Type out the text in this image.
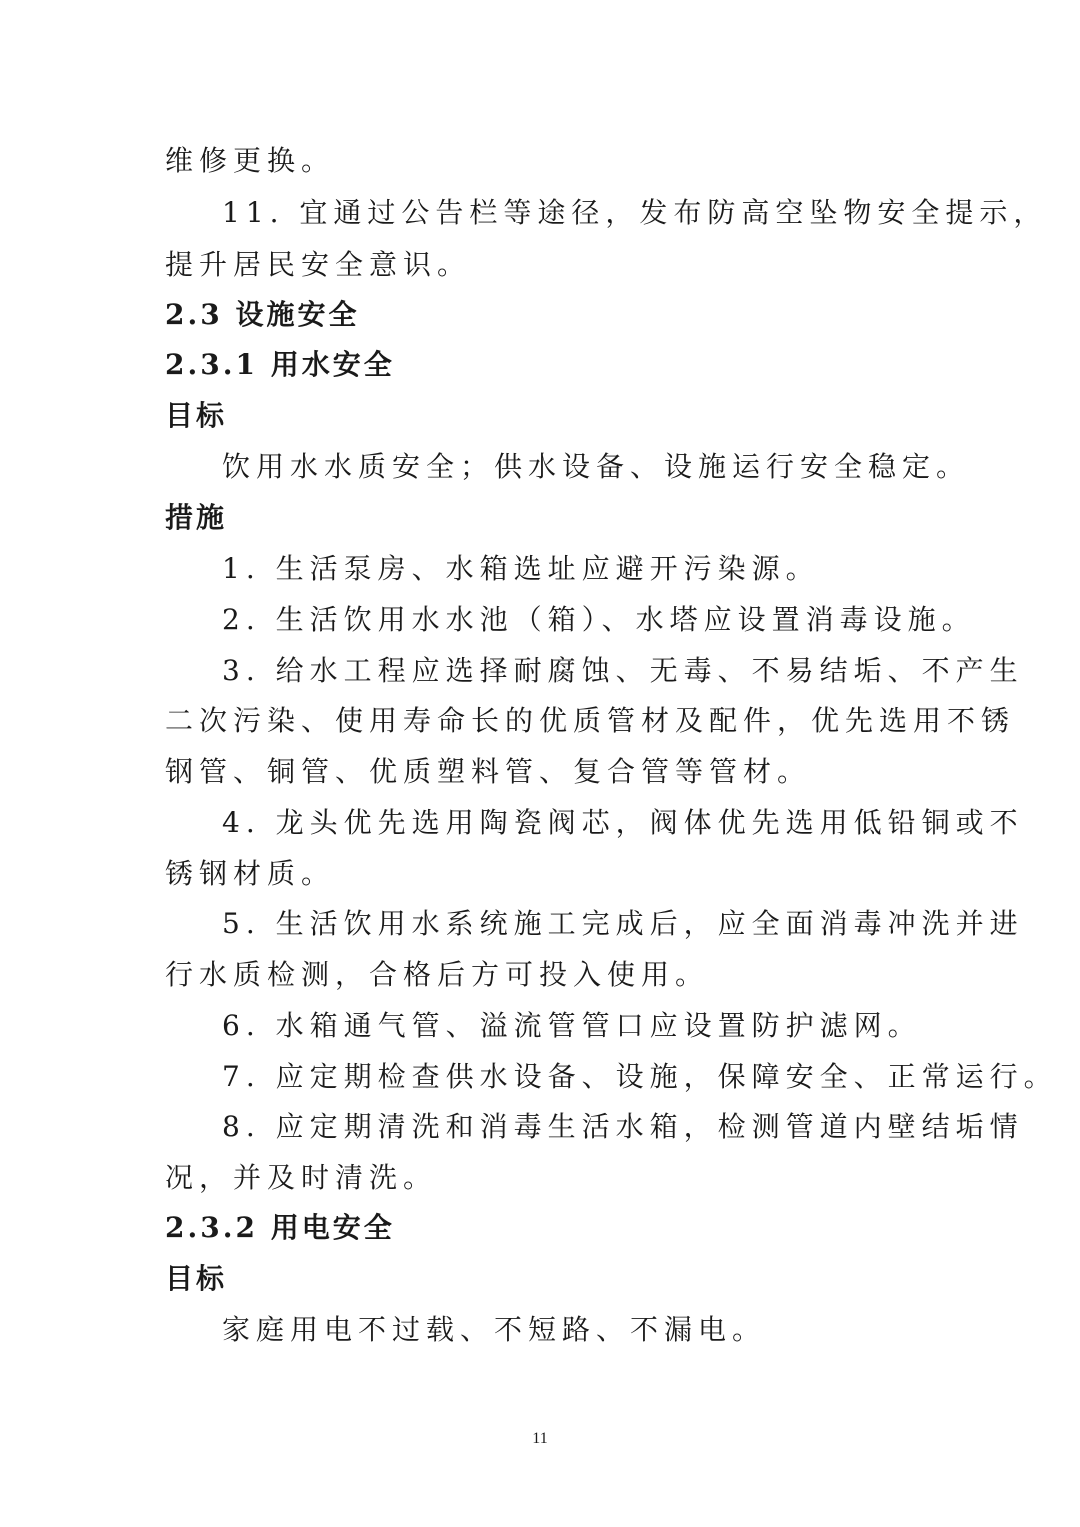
维修更换。
11. 宜通过公告栏等途径，发布防高空坠物安全提示，
提升居民安全意识。
2.3 设施安全
2.3.1 用水安全
目标
饮用水水质安全；供水设备、设施运行安全稳定。
措施
1. 生活泵房、水箱选址应避开污染源。
2. 生活饮用水水池（箱）、水塔应设置消毒设施。
3. 给水工程应选择耐腐蚀、无毒、不易结垢、不产生
二次污染、使用寿命长的优质管材及配件，优先选用不锈
钢管、铜管、优质塑料管、复合管等管材。
4. 龙头优先选用陶瓷阀芯，阀体优先选用低铅铜或不
锈钢材质。
5. 生活饮用水系统施工完成后，应全面消毒冲洗并进
行水质检测，合格后方可投入使用。
6. 水箱通气管、溢流管管口应设置防护滤网。
7. 应定期检查供水设备、设施，保障安全、正常运行。
8. 应定期清洗和消毒生活水箱，检测管道内壁结垢情
况，并及时清洗。
2.3.2 用电安全
目标
家庭用电不过载、不短路、不漏电。
11
